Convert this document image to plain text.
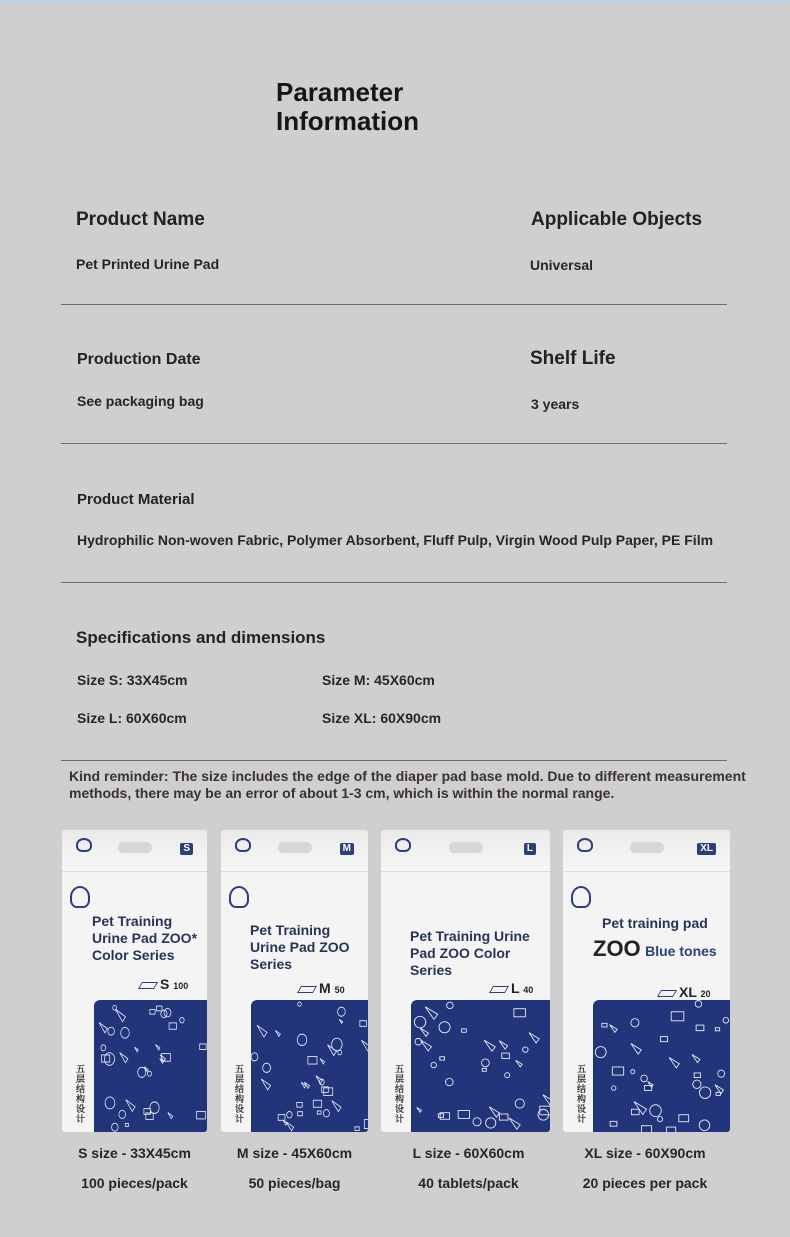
Parameter Information
Product Name
Pet Printed Urine Pad
Applicable Objects
Universal
Production Date
See packaging bag
Shelf Life
3 years
Product Material
Hydrophilic Non-woven Fabric, Polymer Absorbent, Fluff Pulp, Virgin Wood Pulp Paper, PE Film
Specifications and dimensions
Size S: 33X45cm	Size M: 45X60cm
Size L: 60X60cm	Size XL: 60X90cm
Kind reminder: The size includes the edge of the diaper pad base mold. Due to different measurement methods, there may be an error of about 1-3 cm, which is within the normal range.
S
Pet Training Urine Pad ZOO* Color Series
S 100
五层结构设计
M
Pet Training Urine Pad ZOO Series
M 50
五层结构设计
L
Pet Training Urine Pad ZOO Color Series
L 40
五层结构设计
XL
Pet training pad
ZOO Blue tones
XL 20
五层结构设计
S size - 33X45cm
100 pieces/pack
M size - 45X60cm
50 pieces/bag
L size - 60X60cm
40 tablets/pack
XL size - 60X90cm
20 pieces per pack
